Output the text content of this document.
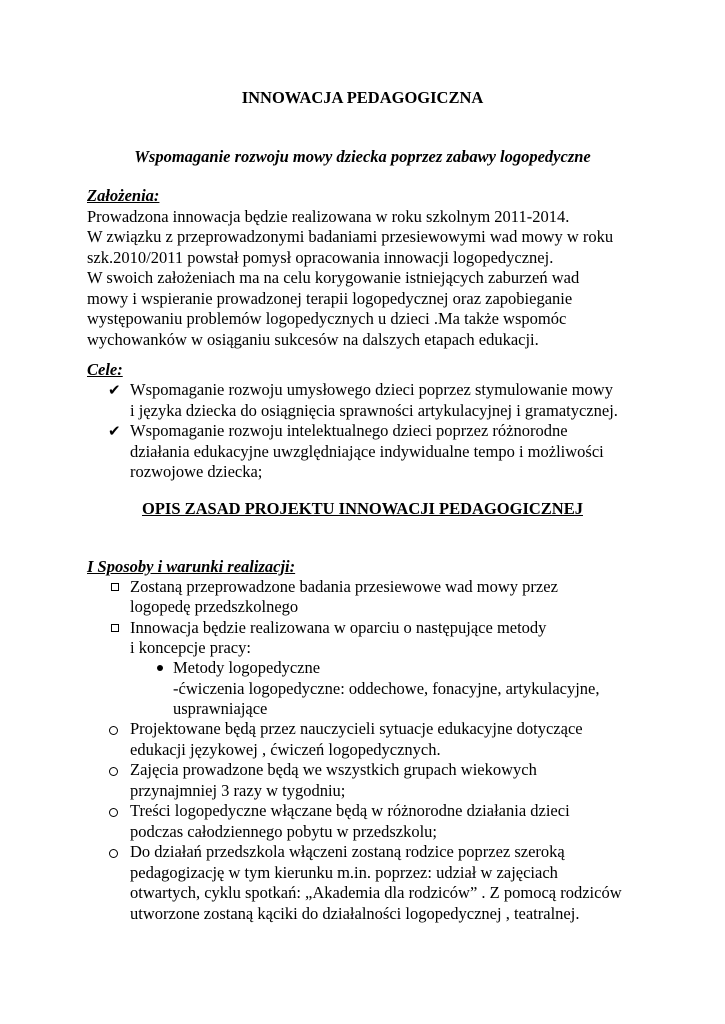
INNOWACJA PEDAGOGICZNA
Wspomaganie rozwoju mowy dziecka poprzez zabawy logopedyczne
Założenia:
Prowadzona innowacja będzie realizowana w roku szkolnym 2011-2014.
W związku z przeprowadzonymi badaniami przesiewowymi wad mowy w roku
szk.2010/2011 powstał pomysł opracowania innowacji logopedycznej.
W swoich założeniach ma na celu korygowanie istniejących zaburzeń wad
mowy i wspieranie prowadzonej terapii logopedycznej oraz zapobieganie
występowaniu problemów logopedycznych u dzieci .Ma także wspomóc
wychowanków w osiąganiu sukcesów na dalszych etapach edukacji.
Cele:
✔ Wspomaganie rozwoju umysłowego dzieci poprzez stymulowanie mowy
i języka dziecka do osiągnięcia sprawności artykulacyjnej i gramatycznej.
✔ Wspomaganie rozwoju intelektualnego dzieci poprzez różnorodne
działania edukacyjne uwzględniające indywidualne tempo i możliwości
rozwojowe dziecka;
OPIS ZASAD PROJEKTU INNOWACJI PEDAGOGICZNEJ
I Sposoby i warunki realizacji:
Zostaną przeprowadzone badania przesiewowe wad mowy przez
logopedę przedszkolnego
Innowacja będzie realizowana w oparciu o następujące metody
i koncepcje pracy:
Metody logopedyczne
-ćwiczenia logopedyczne: oddechowe, fonacyjne, artykulacyjne,
usprawniające
Projektowane będą przez nauczycieli sytuacje edukacyjne dotyczące
edukacji językowej , ćwiczeń logopedycznych.
Zajęcia prowadzone będą we wszystkich grupach wiekowych
przynajmniej 3 razy w tygodniu;
Treści logopedyczne włączane będą w różnorodne działania dzieci
podczas całodziennego pobytu w przedszkolu;
Do działań przedszkola włączeni zostaną rodzice poprzez szeroką
pedagogizację w tym kierunku m.in. poprzez: udział w zajęciach
otwartych, cyklu spotkań: „Akademia dla rodziców” . Z pomocą rodziców
utworzone zostaną kąciki do działalności logopedycznej , teatralnej.
